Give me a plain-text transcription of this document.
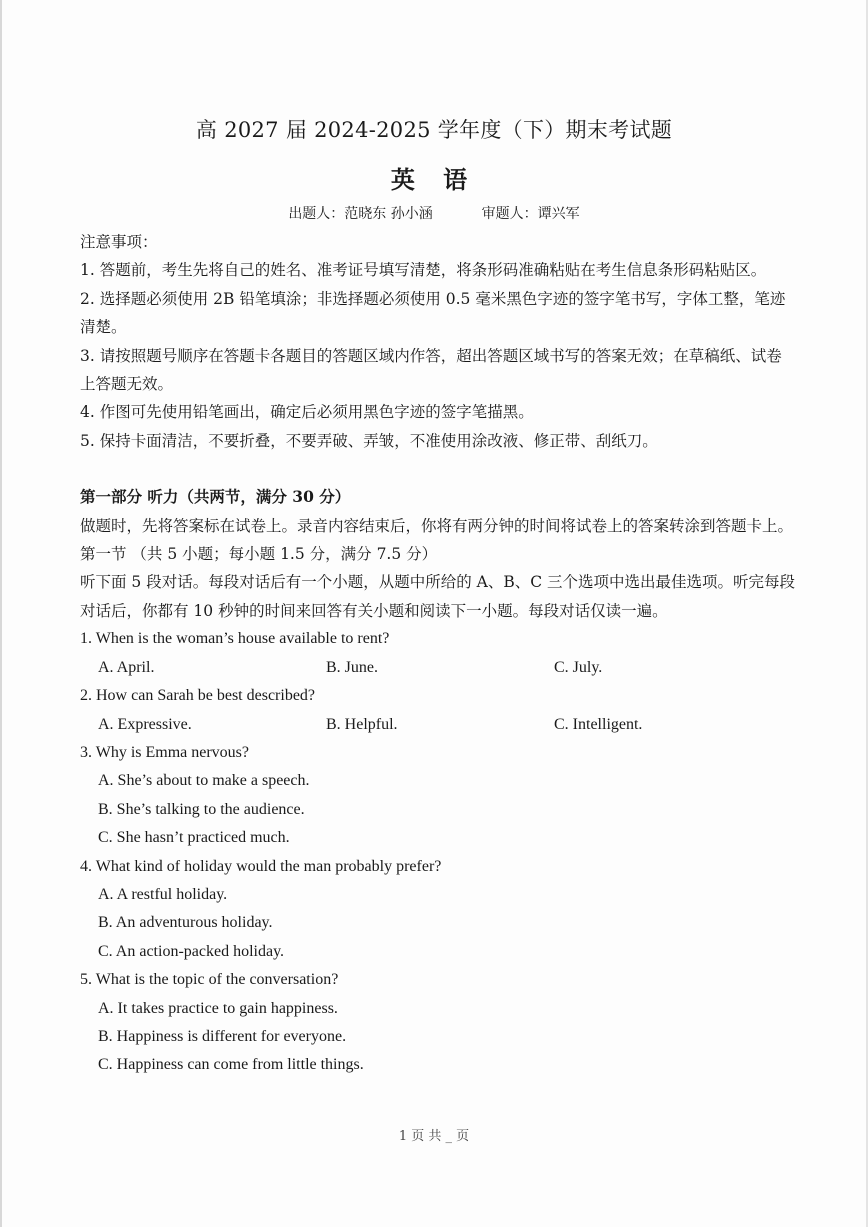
高 2027 届 2024-2025 学年度（下）期末考试题
英 语
出题人：范晓东 孙小涵	审题人：谭兴军
注意事项：
1. 答题前，考生先将自己的姓名、准考证号填写清楚，将条形码准确粘贴在考生信息条形码粘贴区。
2. 选择题必须使用 2B 铅笔填涂；非选择题必须使用 0.5 毫米黑色字迹的签字笔书写，字体工整，笔迹清楚。
3. 请按照题号顺序在答题卡各题目的答题区域内作答，超出答题区域书写的答案无效；在草稿纸、试卷上答题无效。
4. 作图可先使用铅笔画出，确定后必须用黑色字迹的签字笔描黑。
5. 保持卡面清洁，不要折叠，不要弄破、弄皱，不准使用涂改液、修正带、刮纸刀。
第一部分 听力（共两节，满分 30 分）
做题时，先将答案标在试卷上。录音内容结束后，你将有两分钟的时间将试卷上的答案转涂到答题卡上。
第一节 （共 5 小题；每小题 1.5 分，满分 7.5 分）
听下面 5 段对话。每段对话后有一个小题，从题中所给的 A、B、C 三个选项中选出最佳选项。听完每段对话后，你都有 10 秒钟的时间来回答有关小题和阅读下一小题。每段对话仅读一遍。
1. When is the woman’s house available to rent?
A. April.	B. June.	C. July.
2. How can Sarah be best described?
A. Expressive.	B. Helpful.	C. Intelligent.
3. Why is Emma nervous?
A. She’s about to make a speech.
B. She’s talking to the audience.
C. She hasn’t practiced much.
4. What kind of holiday would the man probably prefer?
A. A restful holiday.
B. An adventurous holiday.
C. An action-packed holiday.
5. What is the topic of the conversation?
A. It takes practice to gain happiness.
B. Happiness is different for everyone.
C. Happiness can come from little things.
1 页 共 _ 页
